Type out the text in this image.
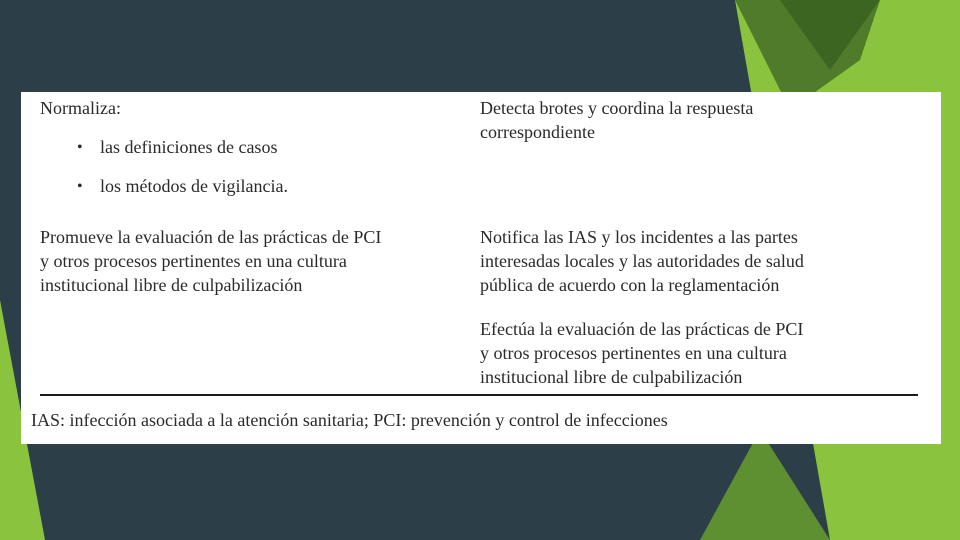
Normaliza:

• las definiciones de casos

• los métodos de vigilancia.

Promueve la evaluación de las prácticas de PCI

y otros procesos pertinentes en una cultura

institucional libre de culpabilización

Detecta brotes y coordina la respuesta

correspondiente

Notifica las IAS y los incidentes a las partes

interesadas locales y las autoridades de salud

pública de acuerdo con la reglamentación

Efectúa la evaluación de las prácticas de PCI

y otros procesos pertinentes en una cultura

institucional libre de culpabilización

IAS: infección asociada a la atención sanitaria; PCI: prevención y control de infecciones
